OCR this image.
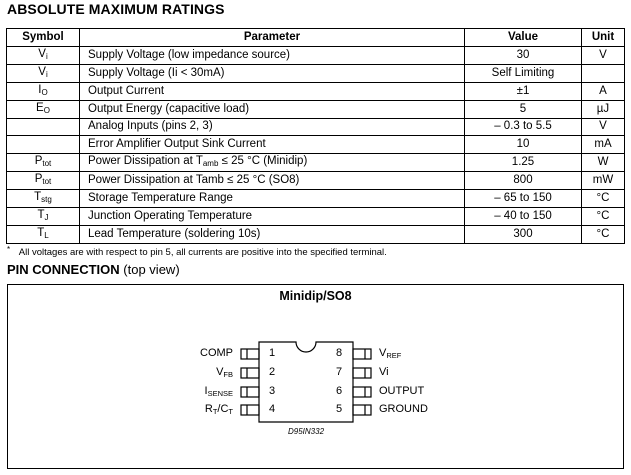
ABSOLUTE MAXIMUM RATINGS
Symbol	Parameter	Value	Unit
$V_i$	Supply Voltage (low impedance source)	30	V
$V_i$	Supply Voltage (Ii < 30mA)	Self Limiting	
$I_O$	Output Current	±1	A
$E_O$	Output Energy (capacitive load)	5	µJ
	Analog Inputs (pins 2, 3)	– 0.3 to 5.5	V
	Error Amplifier Output Sink Current	10	mA
$P_{tot}$	Power Dissipation at $T_{amb} \le 25$ °C (Minidip)	1.25	W
$P_{tot}$	Power Dissipation at Tamb ≤ 25 °C (SO8)	800	mW
$T_{stg}$	Storage Temperature Range	– 65 to 150	°C
$T_J$	Junction Operating Temperature	– 40 to 150	°C
$T_L$	Lead Temperature (soldering 10s)	300	°C
* All voltages are with respect to pin 5, all currents are positive into the specified terminal.
PIN CONNECTION (top view)
Minidip/SO8
COMP	1
$V_{FB}$	2
$I_{SENSE}$	3
$R_T/C_T$	4
8	$V_{REF}$
7	Vi
6	OUTPUT
5	GROUND
D95IN332
